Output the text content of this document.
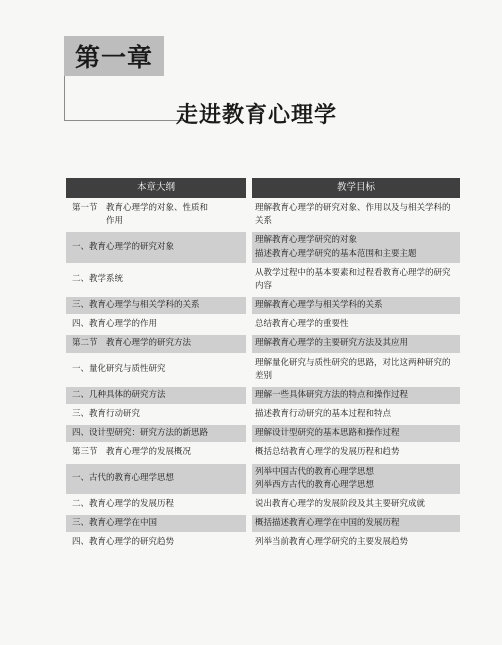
第一章
走进教育心理学
本章大纲		教学目标

第一节　教育心理学的对象、性质和
　　　　作用		理解教育心理学的研究对象、作用以及与相关学科的关系

一、教育心理学的研究对象		理解教育心理学研究的对象
描述教育心理学研究的基本范围和主要主题

二、教学系统		从教学过程中的基本要素和过程看教育心理学的研究内容

三、教育心理学与相关学科的关系		理解教育心理学与相关学科的关系

四、教育心理学的作用		总结教育心理学的重要性

第二节　教育心理学的研究方法		理解教育心理学的主要研究方法及其应用

一、量化研究与质性研究		理解量化研究与质性研究的思路，对比这两种研究的差别

二、几种具体的研究方法		理解一些具体研究方法的特点和操作过程

三、教育行动研究		描述教育行动研究的基本过程和特点

四、设计型研究：研究方法的新思路		理解设计型研究的基本思路和操作过程

第三节　教育心理学的发展概况		概括总结教育心理学的发展历程和趋势

一、古代的教育心理学思想		列举中国古代的教育心理学思想
列举西方古代的教育心理学思想

二、教育心理学的发展历程		说出教育心理学的发展阶段及其主要研究成就

三、教育心理学在中国		概括描述教育心理学在中国的发展历程

四、教育心理学的研究趋势		列举当前教育心理学研究的主要发展趋势
